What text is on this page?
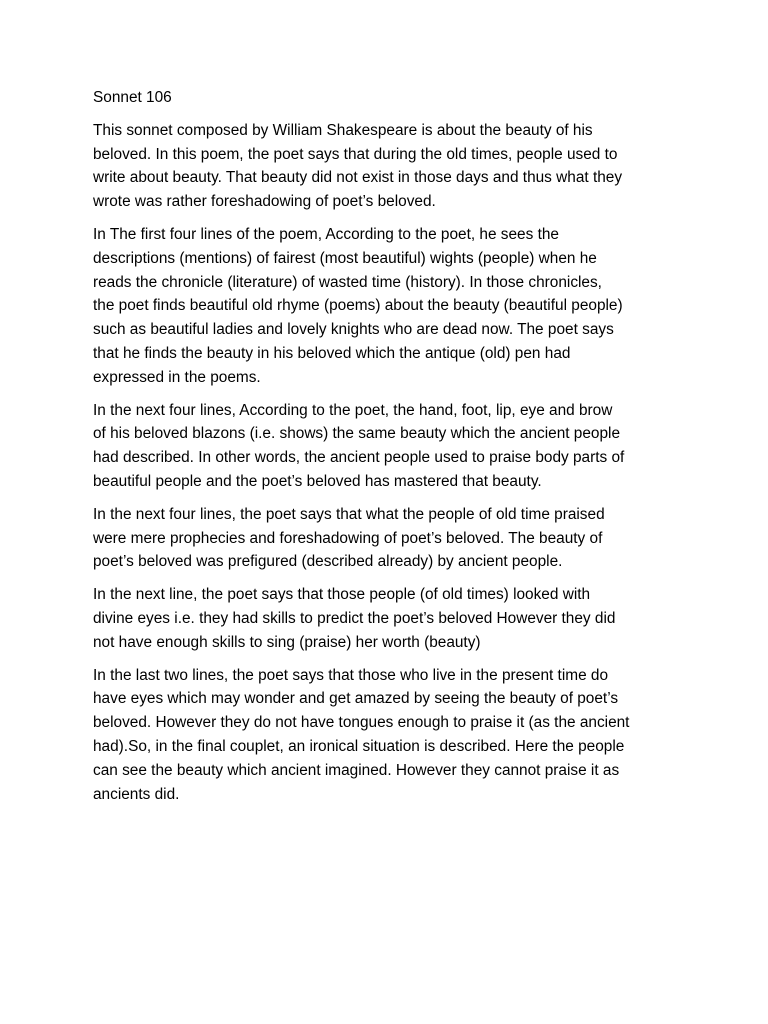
Sonnet 106
This sonnet composed by William Shakespeare is about the beauty of his
beloved. In this poem, the poet says that during the old times, people used to
write about beauty. That beauty did not exist in those days and thus what they
wrote was rather foreshadowing of poet’s beloved.
In The first four lines of the poem, According to the poet, he sees the
descriptions (mentions) of fairest (most beautiful) wights (people) when he
reads the chronicle (literature) of wasted time (history). In those chronicles,
the poet finds beautiful old rhyme (poems) about the beauty (beautiful people)
such as beautiful ladies and lovely knights who are dead now. The poet says
that he finds the beauty in his beloved which the antique (old) pen had
expressed in the poems.
In the next four lines, According to the poet, the hand, foot, lip, eye and brow
of his beloved blazons (i.e. shows) the same beauty which the ancient people
had described. In other words, the ancient people used to praise body parts of
beautiful people and the poet’s beloved has mastered that beauty.
In the next four lines, the poet says that what the people of old time praised
were mere prophecies and foreshadowing of poet’s beloved. The beauty of
poet’s beloved was prefigured (described already) by ancient people.
In the next line, the poet says that those people (of old times) looked with
divine eyes i.e. they had skills to predict the poet’s beloved However they did
not have enough skills to sing (praise) her worth (beauty)
In the last two lines, the poet says that those who live in the present time do
have eyes which may wonder and get amazed by seeing the beauty of poet’s
beloved. However they do not have tongues enough to praise it (as the ancient
had).So, in the final couplet, an ironical situation is described. Here the people
can see the beauty which ancient imagined. However they cannot praise it as
ancients did.
